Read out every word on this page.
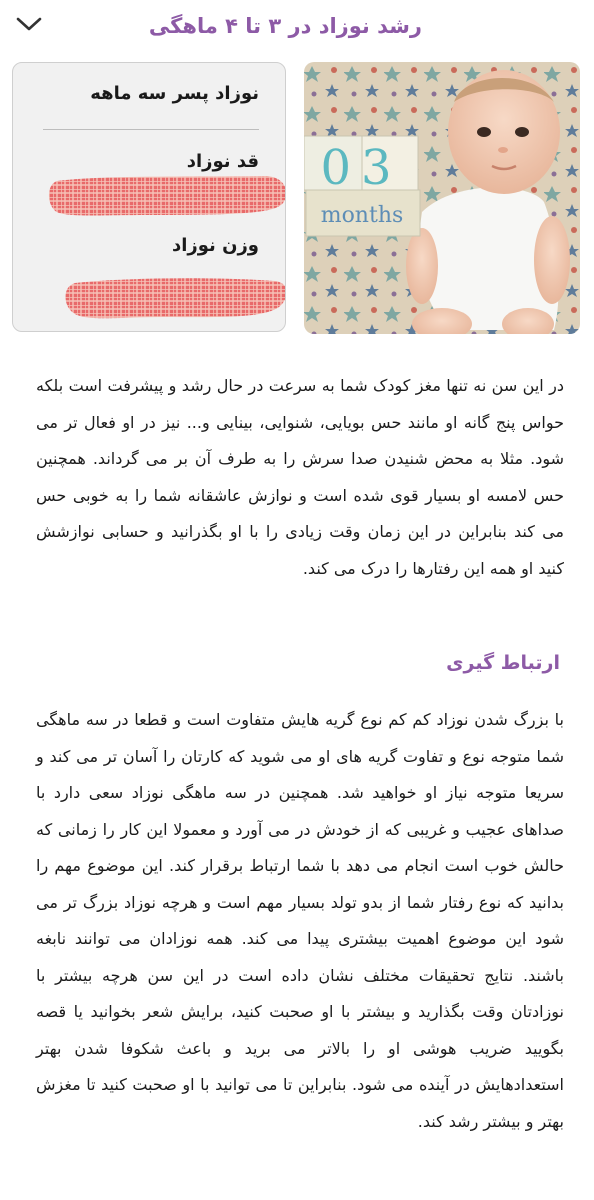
رشد نوزاد در ۳ تا ۴ ماهگی
نوزاد پسر سه ماهه
قد نوزاد
وزن نوزاد
03
months
در این سن نه تنها مغز کودک شما به سرعت در حال رشد و پیشرفت است بلکه حواس پنج گانه او مانند حس بویایی، شنوایی، بینایی و... نیز در او فعال تر می شود. مثلا به محض شنیدن صدا سرش را به طرف آن بر می گرداند. همچنین حس لامسه او بسیار قوی شده است و نوازش عاشقانه شما را به خوبی حس می کند بنابراین در این زمان وقت زیادی را با او بگذرانید و حسابی نوازشش کنید او همه این رفتارها را درک می کند.
ارتباط گیری
با بزرگ شدن نوزاد کم کم نوع گریه هایش متفاوت است و قطعا در سه ماهگی شما متوجه نوع و تفاوت گریه های او می شوید که کارتان را آسان تر می کند و سریعا متوجه نیاز او خواهید شد. همچنین در سه ماهگی نوزاد سعی دارد با صداهای عجیب و غریبی که از خودش در می آورد و معمولا این کار را زمانی که حالش خوب است انجام می دهد با شما ارتباط برقرار کند. این موضوع مهم را بدانید که نوع رفتار شما از بدو تولد بسیار مهم است و هرچه نوزاد بزرگ تر می شود این موضوع اهمیت بیشتری پیدا می کند. همه نوزادان می توانند نابغه باشند. نتایج تحقیقات مختلف نشان داده است در این سن هرچه بیشتر با نوزادتان وقت بگذارید و بیشتر با او صحبت کنید، برایش شعر بخوانید یا قصه بگویید ضریب هوشی او را بالاتر می برید و باعث شکوفا شدن بهتر استعدادهایش در آینده می شود. بنابراین تا می توانید با او صحبت کنید تا مغزش بهتر و بیشتر رشد کند.
